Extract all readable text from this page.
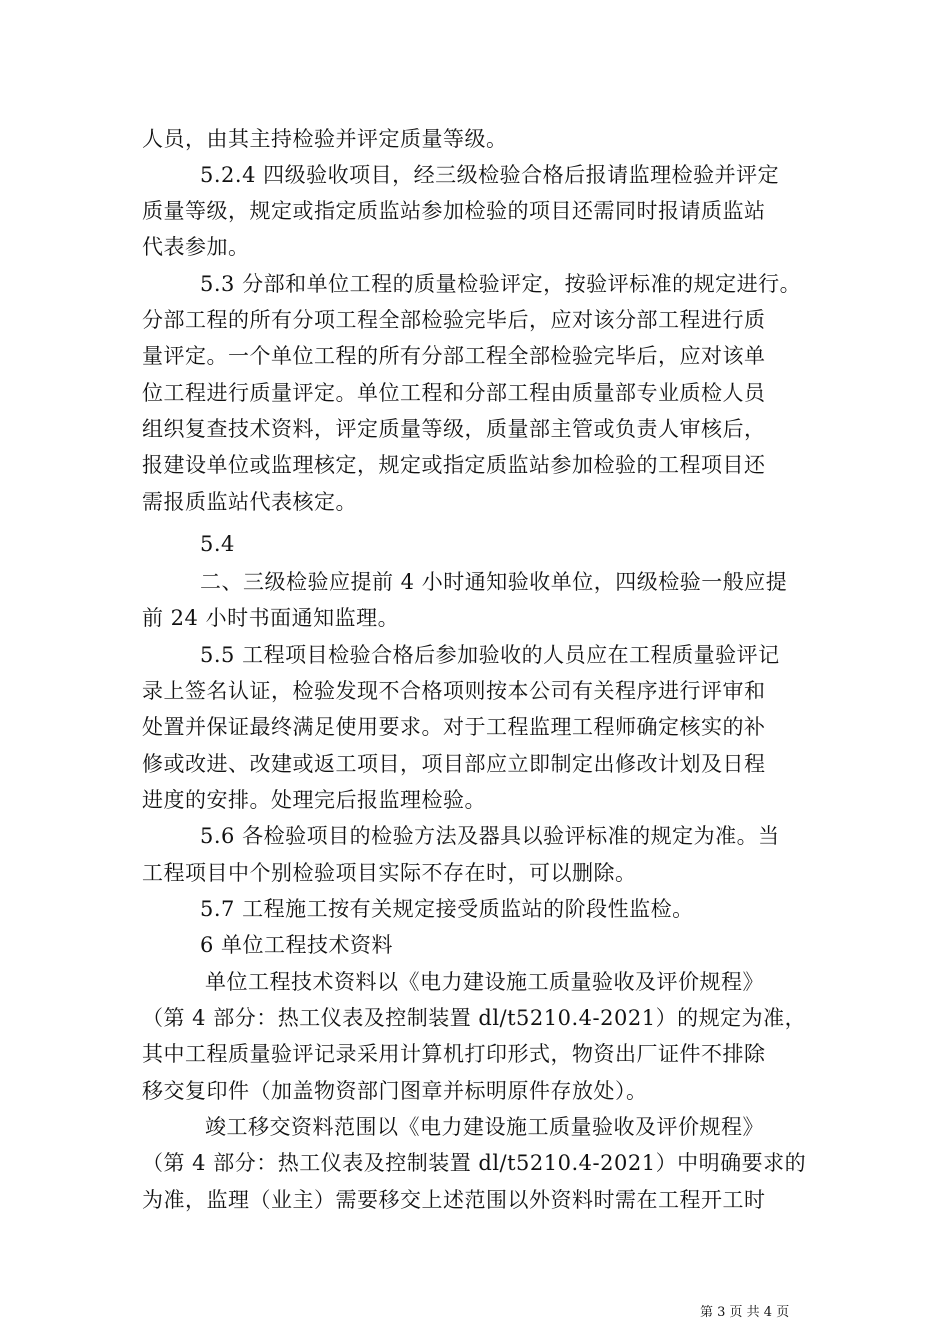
人员，由其主持检验并评定质量等级。
5.2.4 四级验收项目，经三级检验合格后报请监理检验并评定
质量等级，规定或指定质监站参加检验的项目还需同时报请质监站
代表参加。
5.3 分部和单位工程的质量检验评定，按验评标准的规定进行。
分部工程的所有分项工程全部检验完毕后，应对该分部工程进行质
量评定。一个单位工程的所有分部工程全部检验完毕后，应对该单
位工程进行质量评定。单位工程和分部工程由质量部专业质检人员
组织复查技术资料，评定质量等级，质量部主管或负责人审核后，
报建设单位或监理核定，规定或指定质监站参加检验的工程项目还
需报质监站代表核定。
5.4
二、三级检验应提前 4 小时通知验收单位，四级检验一般应提
前 24 小时书面通知监理。
5.5 工程项目检验合格后参加验收的人员应在工程质量验评记
录上签名认证，检验发现不合格项则按本公司有关程序进行评审和
处置并保证最终满足使用要求。对于工程监理工程师确定核实的补
修或改进、改建或返工项目，项目部应立即制定出修改计划及日程
进度的安排。处理完后报监理检验。
5.6 各检验项目的检验方法及器具以验评标准的规定为准。当
工程项目中个别检验项目实际不存在时，可以删除。
5.7 工程施工按有关规定接受质监站的阶段性监检。
6 单位工程技术资料
单位工程技术资料以《电力建设施工质量验收及评价规程》
（第 4 部分：热工仪表及控制装置 dl/t5210.4-2021）的规定为准，
其中工程质量验评记录采用计算机打印形式，物资出厂证件不排除
移交复印件（加盖物资部门图章并标明原件存放处）。
竣工移交资料范围以《电力建设施工质量验收及评价规程》
（第 4 部分：热工仪表及控制装置 dl/t5210.4-2021）中明确要求的
为准，监理（业主）需要移交上述范围以外资料时需在工程开工时
第 3 页 共 4 页
